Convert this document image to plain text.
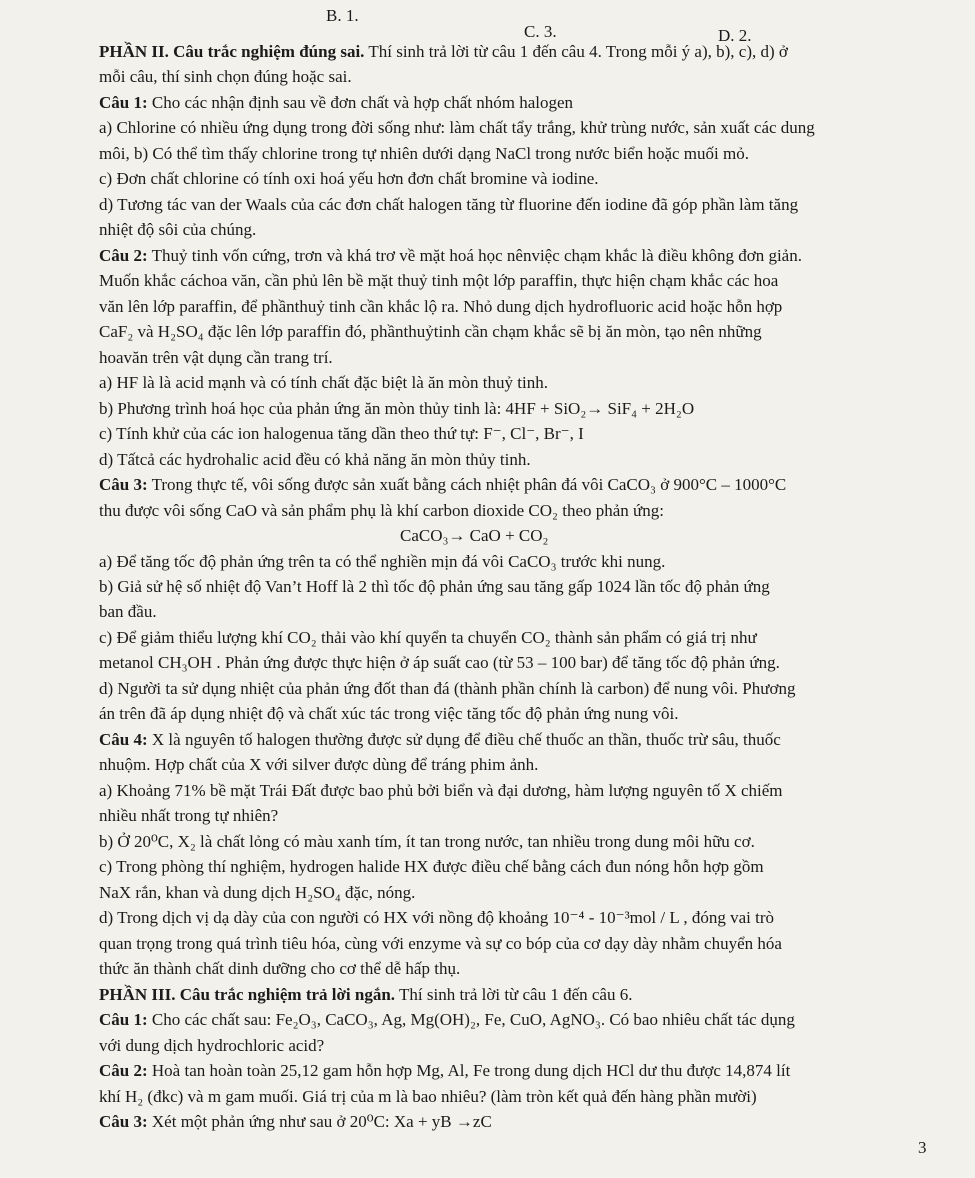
B. 1.
C. 3.	D. 2.

PHẦN II. Câu trắc nghiệm đúng sai. Thí sinh trả lời từ câu 1 đến câu 4. Trong mỗi ý a), b), c), d) ở

mỗi câu, thí sinh chọn đúng hoặc sai.

Câu 1: Cho các nhận định sau về đơn chất và hợp chất nhóm halogen

a) Chlorine có nhiều ứng dụng trong đời sống như: làm chất tẩy trắng, khử trùng nước, sản xuất các dung

môi, b) Có thể tìm thấy chlorine trong tự nhiên dưới dạng NaCl trong nước biển hoặc muối mỏ.

c) Đơn chất chlorine có tính oxi hoá yếu hơn đơn chất bromine và iodine.

d) Tương tác van der Waals của các đơn chất halogen tăng từ fluorine đến iodine đã góp phần làm tăng

nhiệt độ sôi của chúng.

Câu 2: Thuỷ tinh vốn cứng, trơn và khá trơ về mặt hoá học nênviệc chạm khắc là điều không đơn giản.

Muốn khắc cáchoa văn, cần phủ lên bề mặt thuỷ tinh một lớp paraffin, thực hiện chạm khắc các hoa

văn lên lớp paraffin, để phầnthuỷ tinh cần khắc lộ ra. Nhỏ dung dịch hydrofluoric acid hoặc hỗn hợp

CaF₂ và H₂SO₄ đặc lên lớp paraffin đó, phầnthuỷtinh cần chạm khắc sẽ bị ăn mòn, tạo nên những

hoavăn trên vật dụng cần trang trí.

a) HF là là acid mạnh và có tính chất đặc biệt là ăn mòn thuỷ tinh.

b) Phương trình hoá học của phản ứng ăn mòn thủy tinh là: 4HF + SiO₂→ SiF₄ + 2H₂O

c) Tính khử của các ion halogenua tăng dần theo thứ tự: F⁻, Cl⁻, Br⁻, I

d) Tấtcả các hydrohalic acid đều có khả năng ăn mòn thủy tinh.

Câu 3: Trong thực tế, vôi sống được sản xuất bằng cách nhiệt phân đá vôi CaCO₃ ở 900°C – 1000°C

thu được vôi sống CaO và sản phẩm phụ là khí carbon dioxide CO₂ theo phản ứng:

CaCO₃→ CaO + CO₂

a) Để tăng tốc độ phản ứng trên ta có thể nghiền mịn đá vôi CaCO₃ trước khi nung.

b) Giả sử hệ số nhiệt độ Van’t Hoff là 2 thì tốc độ phản ứng sau tăng gấp 1024 lần tốc độ phản ứng

ban đầu.

c) Để giảm thiểu lượng khí CO₂ thải vào khí quyển ta chuyển CO₂ thành sản phẩm có giá trị như

metanol CH₃OH . Phản ứng được thực hiện ở áp suất cao (từ 53 – 100 bar) để tăng tốc độ phản ứng.

d) Người ta sử dụng nhiệt của phản ứng đốt than đá (thành phần chính là carbon) để nung vôi. Phương

án trên đã áp dụng nhiệt độ và chất xúc tác trong việc tăng tốc độ phản ứng nung vôi.

Câu 4: X là nguyên tố halogen thường được sử dụng để điều chế thuốc an thần, thuốc trừ sâu, thuốc

nhuộm. Hợp chất của X với silver được dùng để tráng phim ảnh.

a) Khoảng 71% bề mặt Trái Đất được bao phủ bởi biển và đại dương, hàm lượng nguyên tố X chiếm

nhiều nhất trong tự nhiên?

b) Ở 20⁰C, X₂ là chất lỏng có màu xanh tím, ít tan trong nước, tan nhiều trong dung môi hữu cơ.

c) Trong phòng thí nghiệm, hydrogen halide HX được điều chế bằng cách đun nóng hỗn hợp gồm

NaX rắn, khan và dung dịch H₂SO₄ đặc, nóng.

d) Trong dịch vị dạ dày của con người có HX với nồng độ khoảng 10⁻⁴ - 10⁻³mol / L , đóng vai trò

quan trọng trong quá trình tiêu hóa, cùng với enzyme và sự co bóp của cơ dạy dày nhằm chuyển hóa

thức ăn thành chất dinh dưỡng cho cơ thể dễ hấp thụ.

PHẦN III. Câu trắc nghiệm trả lời ngắn. Thí sinh trả lời từ câu 1 đến câu 6.

Câu 1: Cho các chất sau: Fe₂O₃, CaCO₃, Ag, Mg(OH)₂, Fe, CuO, AgNO₃. Có bao nhiêu chất tác dụng

với dung dịch hydrochloric acid?

Câu 2: Hoà tan hoàn toàn 25,12 gam hỗn hợp Mg, Al, Fe trong dung dịch HCl dư thu được 14,874 lít

khí H₂ (đkc) và m gam muối. Giá trị của m là bao nhiêu? (làm tròn kết quả đến hàng phần mười)

Câu 3: Xét một phản ứng như sau ở 20⁰C: Xa + yB →zC

3
